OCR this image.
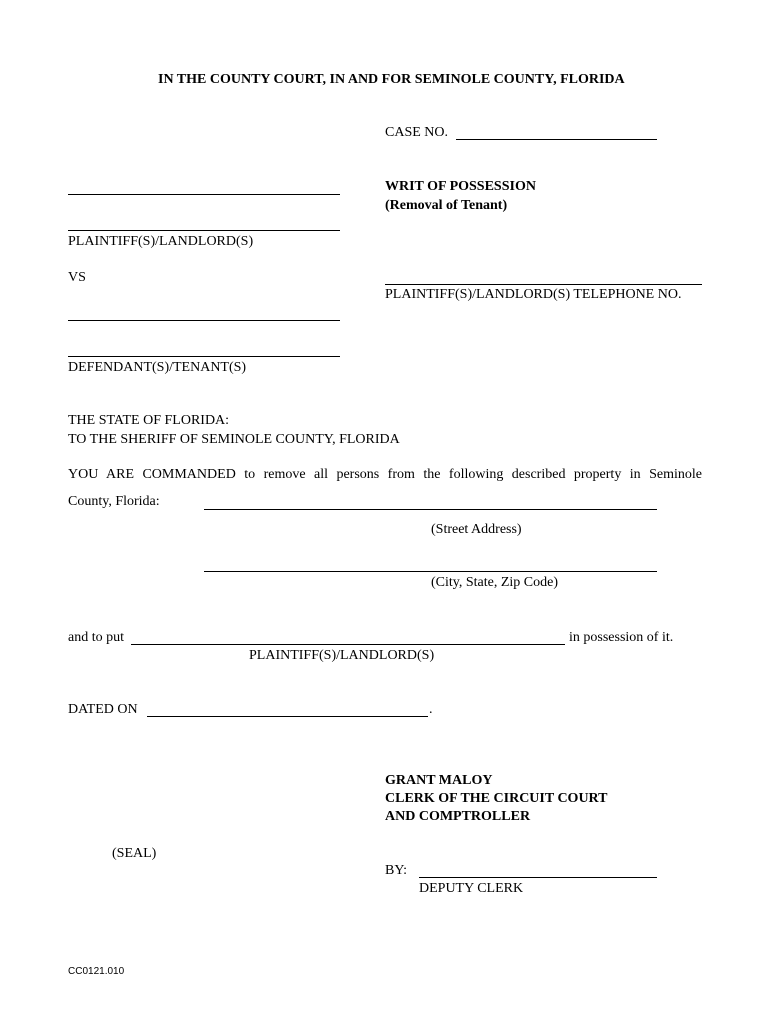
IN THE COUNTY COURT, IN AND FOR SEMINOLE COUNTY, FLORIDA
CASE NO.
WRIT OF POSSESSION
(Removal of Tenant)
PLAINTIFF(S)/LANDLORD(S)
VS
PLAINTIFF(S)/LANDLORD(S) TELEPHONE NO.
DEFENDANT(S)/TENANT(S)
THE STATE OF FLORIDA:
TO THE SHERIFF OF SEMINOLE COUNTY, FLORIDA
YOU ARE COMMANDED to remove all persons from the following described property in Seminole
County, Florida:
(Street Address)
(City, State, Zip Code)
and to put	in possession of it.
PLAINTIFF(S)/LANDLORD(S)
DATED ON	.
GRANT MALOY
CLERK OF THE CIRCUIT COURT
AND COMPTROLLER
(SEAL)
BY:
DEPUTY CLERK
CC0121.010
